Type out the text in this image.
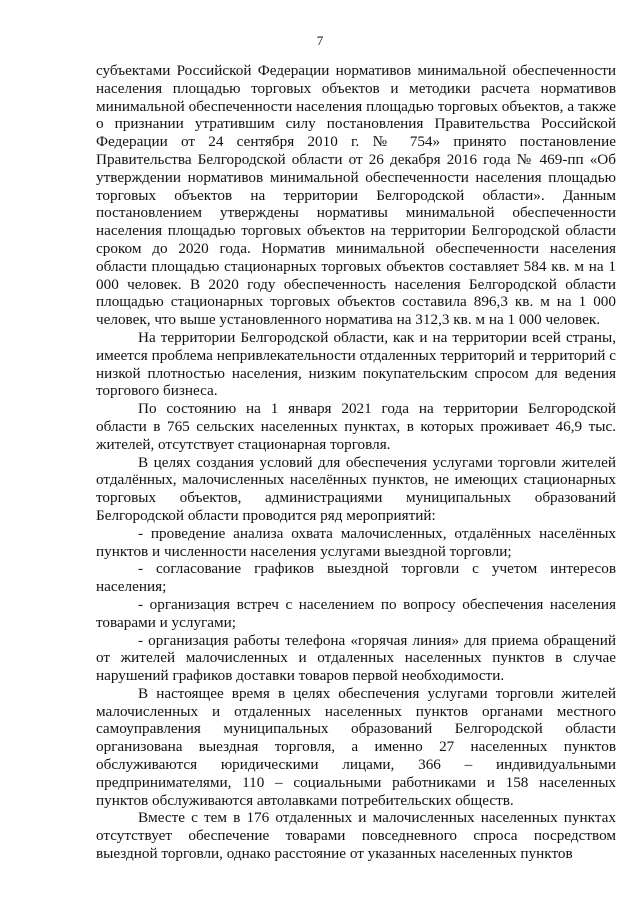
7

субъектами Российской Федерации нормативов минимальной обеспеченности населения площадью торговых объектов и методики расчета нормативов минимальной обеспеченности населения площадью торговых объектов, а также о признании утратившим силу постановления Правительства Российской Федерации от 24 сентября 2010 г. № 754» принято постановление Правительства Белгородской области от 26 декабря 2016 года № 469-пп «Об утверждении нормативов минимальной обеспеченности населения площадью торговых объектов на территории Белгородской области». Данным постановлением утверждены нормативы минимальной обеспеченности населения площадью торговых объектов на территории Белгородской области сроком до 2020 года. Норматив минимальной обеспеченности населения области площадью стационарных торговых объектов составляет 584 кв. м на 1 000 человек. В 2020 году обеспеченность населения Белгородской области площадью стационарных торговых объектов составила 896,3 кв. м на 1 000 человек, что выше установленного норматива на 312,3 кв. м на 1 000 человек.

На территории Белгородской области, как и на территории всей страны, имеется проблема непривлекательности отдаленных территорий и территорий с низкой плотностью населения, низким покупательским спросом для ведения торгового бизнеса.

По состоянию на 1 января 2021 года на территории Белгородской области в 765 сельских населенных пунктах, в которых проживает 46,9 тыс. жителей, отсутствует стационарная торговля.

В целях создания условий для обеспечения услугами торговли жителей отдалённых, малочисленных населённых пунктов, не имеющих стационарных торговых объектов, администрациями муниципальных образований Белгородской области проводится ряд мероприятий:

- проведение анализа охвата малочисленных, отдалённых населённых пунктов и численности населения услугами выездной торговли;

- согласование графиков выездной торговли с учетом интересов населения;

- организация встреч с населением по вопросу обеспечения населения товарами и услугами;

- организация работы телефона «горячая линия» для приема обращений от жителей малочисленных и отдаленных населенных пунктов в случае нарушений графиков доставки товаров первой необходимости.

В настоящее время в целях обеспечения услугами торговли жителей малочисленных и отдаленных населенных пунктов органами местного самоуправления муниципальных образований Белгородской области организована выездная торговля, а именно 27 населенных пунктов обслуживаются юридическими лицами, 366 – индивидуальными предпринимателями, 110 – социальными работниками и 158 населенных пунктов обслуживаются автолавками потребительских обществ.

Вместе с тем в 176 отдаленных и малочисленных населенных пунктах отсутствует обеспечение товарами повседневного спроса посредством выездной торговли, однако расстояние от указанных населенных пунктов
